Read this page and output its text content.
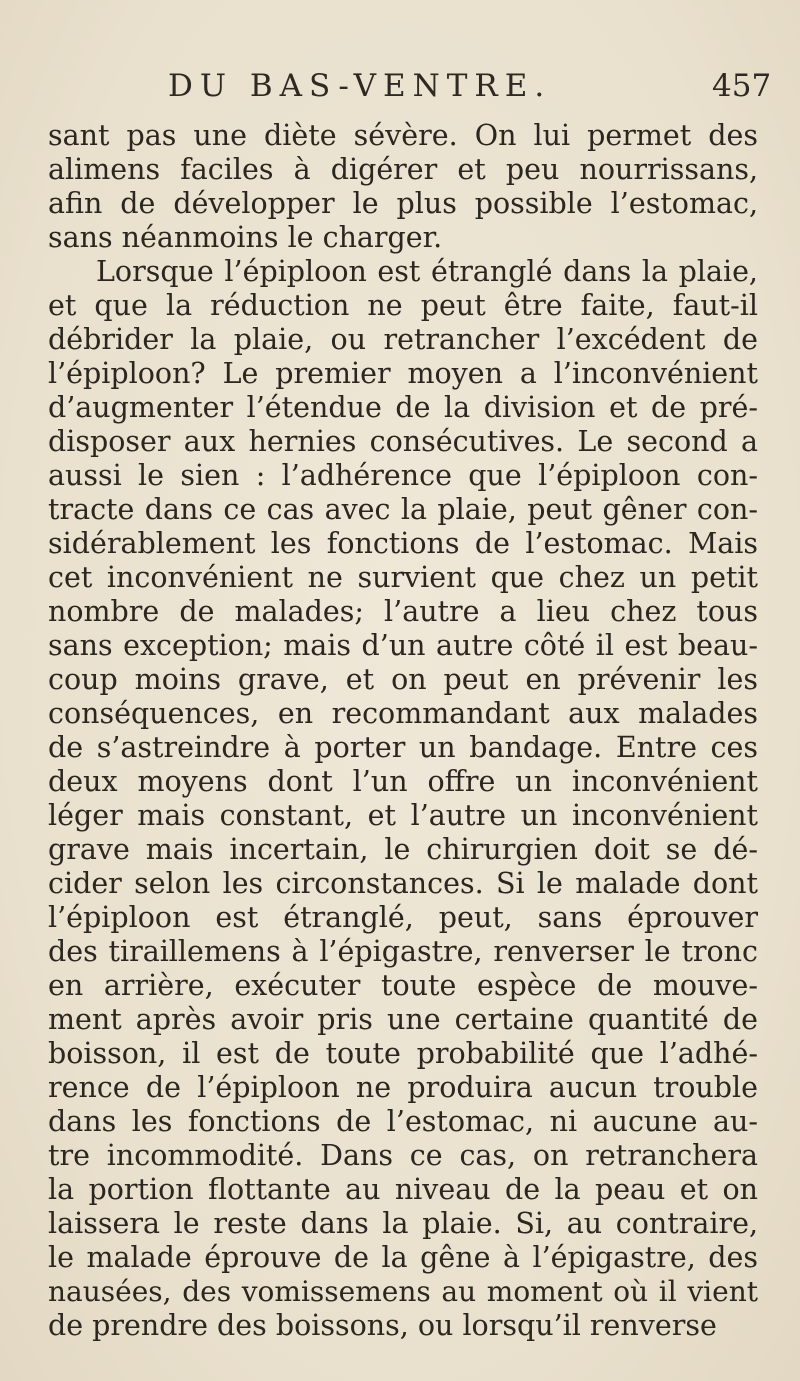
DU BAS-VENTRE.	457
sant pas une diète sévère. On lui permet des
alimens faciles à digérer et peu nourrissans,
afin de développer le plus possible l’estomac,
sans néanmoins le charger.
Lorsque l’épiploon est étranglé dans la plaie,
et que la réduction ne peut être faite, faut-il
débrider la plaie, ou retrancher l’excédent de
l’épiploon? Le premier moyen a l’inconvénient
d’augmenter l’étendue de la division et de pré-
disposer aux hernies consécutives. Le second a
aussi le sien : l’adhérence que l’épiploon con-
tracte dans ce cas avec la plaie, peut gêner con-
sidérablement les fonctions de l’estomac. Mais
cet inconvénient ne survient que chez un petit
nombre de malades; l’autre a lieu chez tous
sans exception; mais d’un autre côté il est beau-
coup moins grave, et on peut en prévenir les
conséquences, en recommandant aux malades
de s’astreindre à porter un bandage. Entre ces
deux moyens dont l’un offre un inconvénient
léger mais constant, et l’autre un inconvénient
grave mais incertain, le chirurgien doit se dé-
cider selon les circonstances. Si le malade dont
l’épiploon est étranglé, peut, sans éprouver
des tiraillemens à l’épigastre, renverser le tronc
en arrière, exécuter toute espèce de mouve-
ment après avoir pris une certaine quantité de
boisson, il est de toute probabilité que l’adhé-
rence de l’épiploon ne produira aucun trouble
dans les fonctions de l’estomac, ni aucune au-
tre incommodité. Dans ce cas, on retranchera
la portion flottante au niveau de la peau et on
laissera le reste dans la plaie. Si, au contraire,
le malade éprouve de la gêne à l’épigastre, des
nausées, des vomissemens au moment où il vient
de prendre des boissons, ou lorsqu’il renverse
